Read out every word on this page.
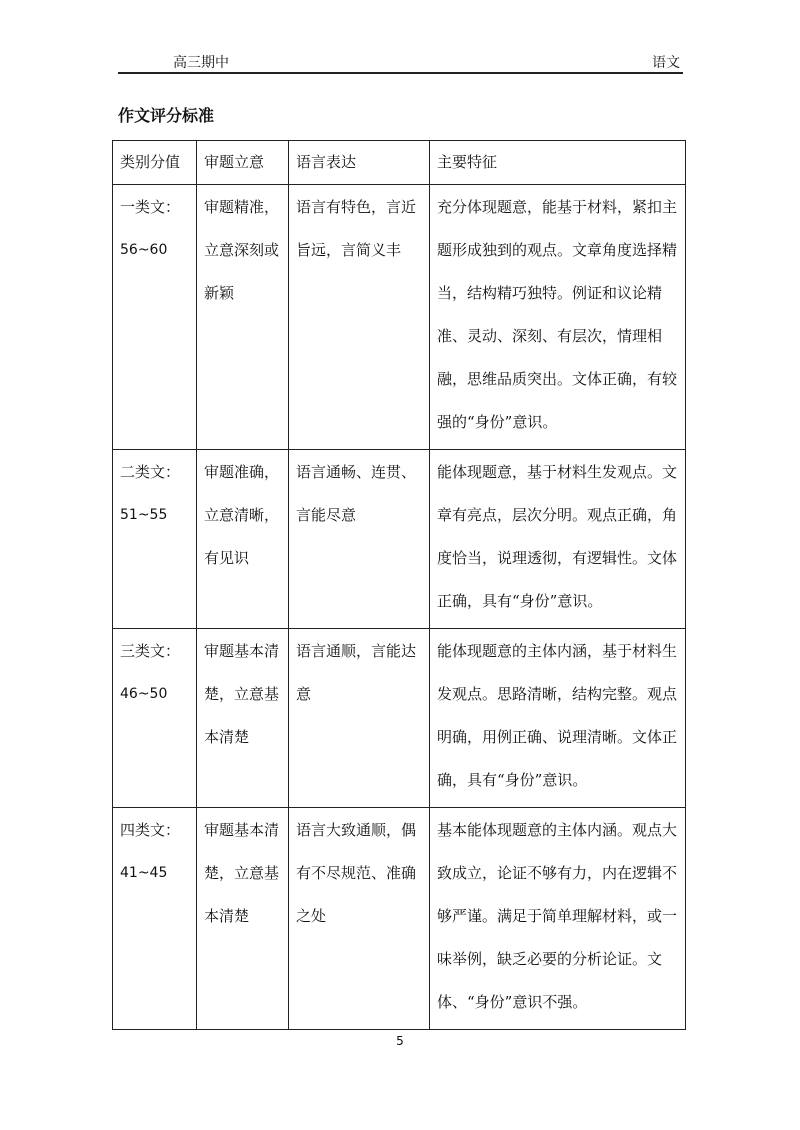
高三期中	语文
作文评分标准
类别分值	审题立意	语言表达	主要特征

一类文：
56~60	审题精准，立意深刻或新颖	语言有特色，言近旨远，言简义丰	充分体现题意，能基于材料，紧扣主题形成独到的观点。文章角度选择精当，结构精巧独特。例证和议论精准、灵动、深刻、有层次，情理相融，思维品质突出。文体正确，有较强的“身份”意识。

二类文：
51~55	审题准确，立意清晰，有见识	语言通畅、连贯、言能尽意	能体现题意，基于材料生发观点。文章有亮点，层次分明。观点正确，角度恰当，说理透彻，有逻辑性。文体正确，具有“身份”意识。

三类文：
46~50	审题基本清楚，立意基本清楚	语言通顺，言能达意	能体现题意的主体内涵，基于材料生发观点。思路清晰，结构完整。观点明确，用例正确、说理清晰。文体正确，具有“身份”意识。

四类文：
41~45	审题基本清楚，立意基本清楚	语言大致通顺，偶有不尽规范、准确之处	基本能体现题意的主体内涵。观点大致成立，论证不够有力，内在逻辑不够严谨。满足于简单理解材料，或一味举例，缺乏必要的分析论证。文体、“身份”意识不强。
5
